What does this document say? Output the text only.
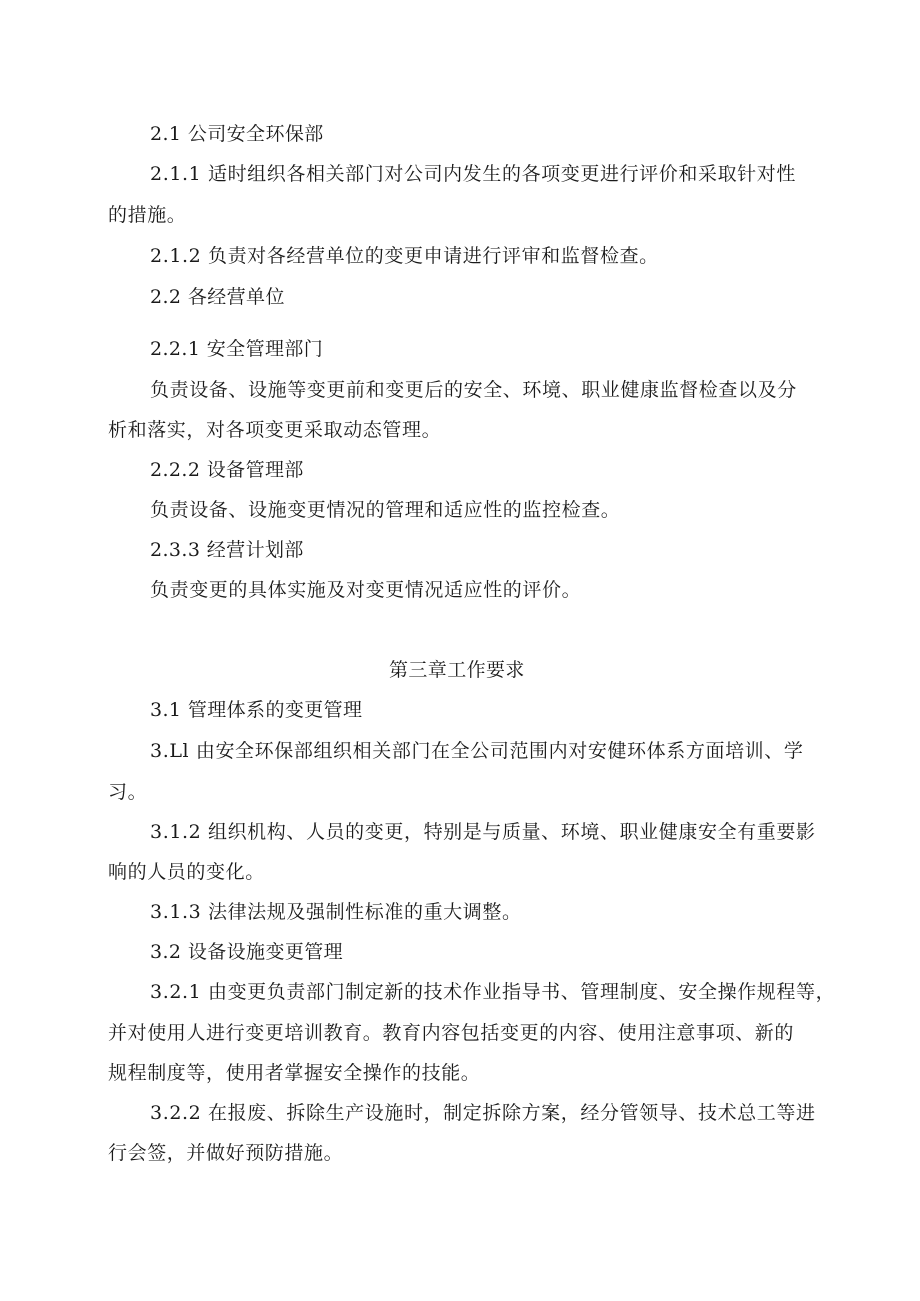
2.1 公司安全环保部
2.1.1 适时组织各相关部门对公司内发生的各项变更进行评价和采取针对性
的措施。
2.1.2 负责对各经营单位的变更申请进行评审和监督检查。
2.2 各经营单位
2.2.1 安全管理部门
负责设备、设施等变更前和变更后的安全、环境、职业健康监督检查以及分
析和落实，对各项变更采取动态管理。
2.2.2 设备管理部
负责设备、设施变更情况的管理和适应性的监控检查。
2.3.3 经营计划部
负责变更的具体实施及对变更情况适应性的评价。
第三章工作要求
3.1 管理体系的变更管理
3.Ll 由安全环保部组织相关部门在全公司范围内对安健环体系方面培训、学
习。
3.1.2 组织机构、人员的变更，特别是与质量、环境、职业健康安全有重要影
响的人员的变化。
3.1.3 法律法规及强制性标准的重大调整。
3.2 设备设施变更管理
3.2.1 由变更负责部门制定新的技术作业指导书、管理制度、安全操作规程等，
并对使用人进行变更培训教育。教育内容包括变更的内容、使用注意事项、新的
规程制度等，使用者掌握安全操作的技能。
3.2.2 在报废、拆除生产设施时，制定拆除方案，经分管领导、技术总工等进
行会签，并做好预防措施。
